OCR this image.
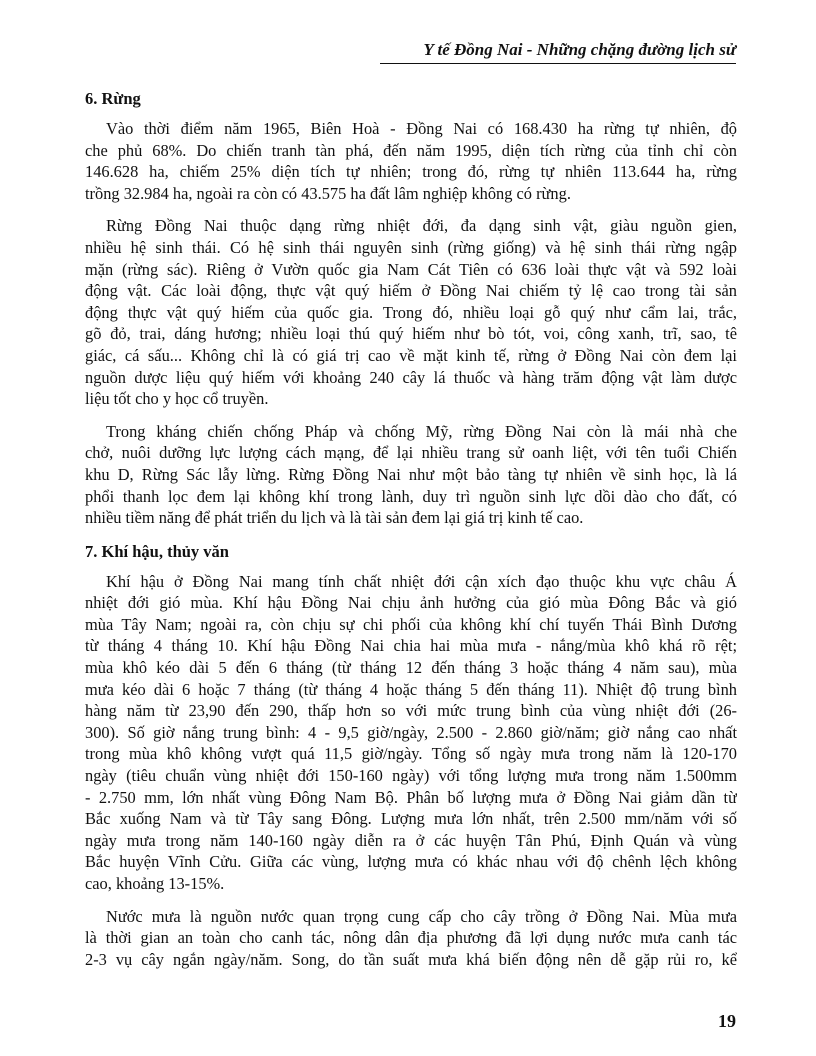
Y tế Đồng Nai - Những chặng đường lịch sử
6. Rừng
Vào thời điểm năm 1965, Biên Hoà - Đồng Nai có 168.430 ha rừng tự nhiên, độ
che phủ 68%. Do chiến tranh tàn phá, đến năm 1995, diện tích rừng của tỉnh chỉ còn
146.628 ha, chiếm 25% diện tích tự nhiên; trong đó, rừng tự nhiên 113.644 ha, rừng
trồng 32.984 ha, ngoài ra còn có 43.575 ha đất lâm nghiệp không có rừng.
Rừng Đồng Nai thuộc dạng rừng nhiệt đới, đa dạng sinh vật, giàu nguồn gien,
nhiều hệ sinh thái. Có hệ sinh thái nguyên sinh (rừng giống) và hệ sinh thái rừng ngập
mặn (rừng sác). Riêng ở Vườn quốc gia Nam Cát Tiên có 636 loài thực vật và 592 loài
động vật. Các loài động, thực vật quý hiếm ở Đồng Nai chiếm tỷ lệ cao trong tài sản
động thực vật quý hiếm của quốc gia. Trong đó, nhiều loại gỗ quý như cẩm lai, trắc,
gõ đỏ, trai, dáng hương; nhiều loại thú quý hiếm như bò tót, voi, công xanh, trĩ, sao, tê
giác, cá sấu... Không chỉ là có giá trị cao về mặt kinh tế, rừng ở Đồng Nai còn đem lại
nguồn dược liệu quý hiếm với khoảng 240 cây lá thuốc và hàng trăm động vật làm dược
liệu tốt cho y học cổ truyền.
Trong kháng chiến chống Pháp và chống Mỹ, rừng Đồng Nai còn là mái nhà che
chở, nuôi dưỡng lực lượng cách mạng, để lại nhiều trang sử oanh liệt, với tên tuổi Chiến
khu D, Rừng Sác lẫy lừng. Rừng Đồng Nai như một bảo tàng tự nhiên về sinh học, là lá
phổi thanh lọc đem lại không khí trong lành, duy trì nguồn sinh lực dồi dào cho đất, có
nhiều tiềm năng để phát triển du lịch và là tài sản đem lại giá trị kinh tế cao.
7. Khí hậu, thủy văn
Khí hậu ở Đồng Nai mang tính chất nhiệt đới cận xích đạo thuộc khu vực châu Á
nhiệt đới gió mùa. Khí hậu Đồng Nai chịu ảnh hưởng của gió mùa Đông Bắc và gió
mùa Tây Nam; ngoài ra, còn chịu sự chi phối của không khí chí tuyến Thái Bình Dương
từ tháng 4 tháng 10. Khí hậu Đồng Nai chia hai mùa mưa - nắng/mùa khô khá rõ rệt;
mùa khô kéo dài 5 đến 6 tháng (từ tháng 12 đến tháng 3 hoặc tháng 4 năm sau), mùa
mưa kéo dài 6 hoặc 7 tháng (từ tháng 4 hoặc tháng 5 đến tháng 11). Nhiệt độ trung bình
hàng năm từ 23,90 đến 290, thấp hơn so với mức trung bình của vùng nhiệt đới (26-
300). Số giờ nắng trung bình: 4 - 9,5 giờ/ngày, 2.500 - 2.860 giờ/năm; giờ nắng cao nhất
trong mùa khô không vượt quá 11,5 giờ/ngày. Tổng số ngày mưa trong năm là 120-170
ngày (tiêu chuẩn vùng nhiệt đới 150-160 ngày) với tổng lượng mưa trong năm 1.500mm
- 2.750 mm, lớn nhất vùng Đông Nam Bộ. Phân bố lượng mưa ở Đồng Nai giảm dần từ
Bắc xuống Nam và từ Tây sang Đông. Lượng mưa lớn nhất, trên 2.500 mm/năm với số
ngày mưa trong năm 140-160 ngày diễn ra ở các huyện Tân Phú, Định Quán và vùng
Bắc huyện Vĩnh Cửu. Giữa các vùng, lượng mưa có khác nhau với độ chênh lệch không
cao, khoảng 13-15%.
Nước mưa là nguồn nước quan trọng cung cấp cho cây trồng ở Đồng Nai. Mùa mưa
là thời gian an toàn cho canh tác, nông dân địa phương đã lợi dụng nước mưa canh tác
2-3 vụ cây ngắn ngày/năm. Song, do tần suất mưa khá biến động nên dễ gặp rủi ro, kể
19
